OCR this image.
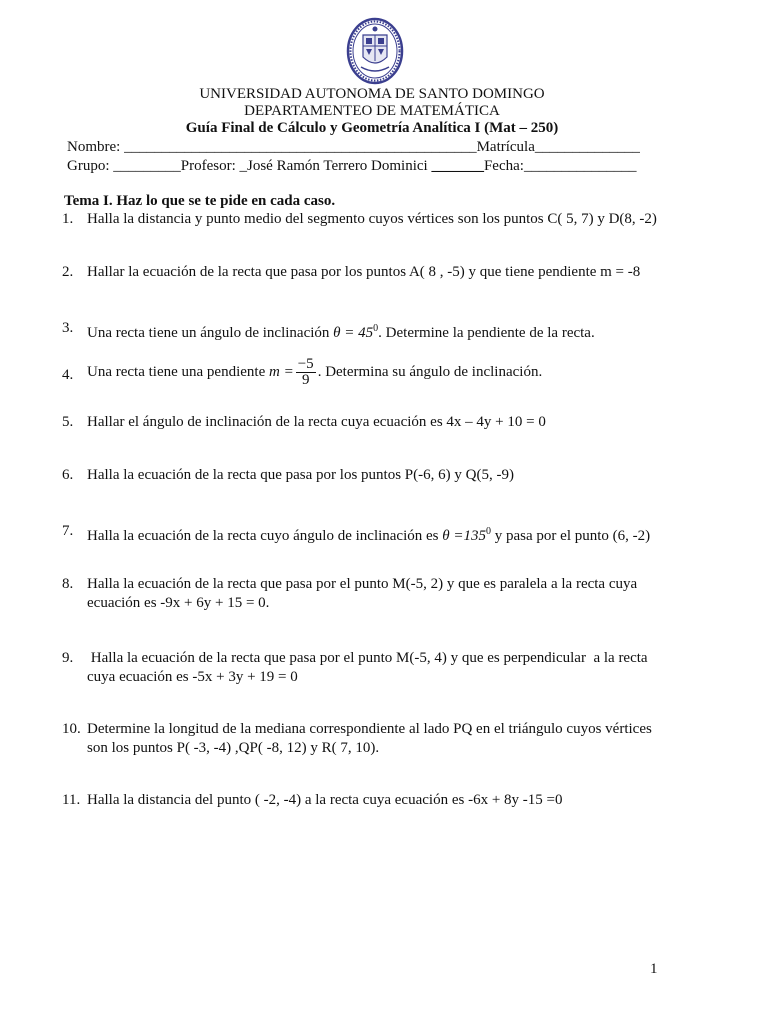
UNIVERSIDAD AUTONOMA DE SANTO DOMINGO
DEPARTAMENTEO DE MATEMÁTICA
Guía Final de Cálculo y Geometría Analítica I (Mat – 250)
Nombre: _______________________________________________Matrícula______________
Grupo: _________Profesor: _José Ramón Terrero Dominici _______Fecha:_______________
Tema I. Haz lo que se te pide en cada caso.
1. Halla la distancia y punto medio del segmento cuyos vértices son los puntos C( 5, 7) y D(8, -2)
2. Hallar la ecuación de la recta que pasa por los puntos A( 8 , -5) y que tiene pendiente m = -8
3. Una recta tiene un ángulo de inclinación $\theta = 45^0$. Determine la pendiente de la recta.
4. Una recta tiene una pendiente $m = \frac{-5}{9}$ . Determina su ángulo de inclinación.
5. Hallar el ángulo de inclinación de la recta cuya ecuación es 4x – 4y + 10 = 0
6. Halla la ecuación de la recta que pasa por los puntos P(-6, 6) y Q(5, -9)
7. Halla la ecuación de la recta cuyo ángulo de inclinación es $\theta =135^0$ y pasa por el punto (6, -2)
8. Halla la ecuación de la recta que pasa por el punto M(-5, 2) y que es paralela a la recta cuya
ecuación es -9x + 6y + 15 = 0.
9. Halla la ecuación de la recta que pasa por el punto M(-5, 4) y que es perpendicular  a la recta
cuya ecuación es -5x + 3y + 19 = 0
10. Determine la longitud de la mediana correspondiente al lado PQ en el triángulo cuyos vértices
son los puntos P( -3, -4) ,QP( -8, 12) y R( 7, 10).
11. Halla la distancia del punto ( -2, -4) a la recta cuya ecuación es -6x + 8y -15 =0
1
